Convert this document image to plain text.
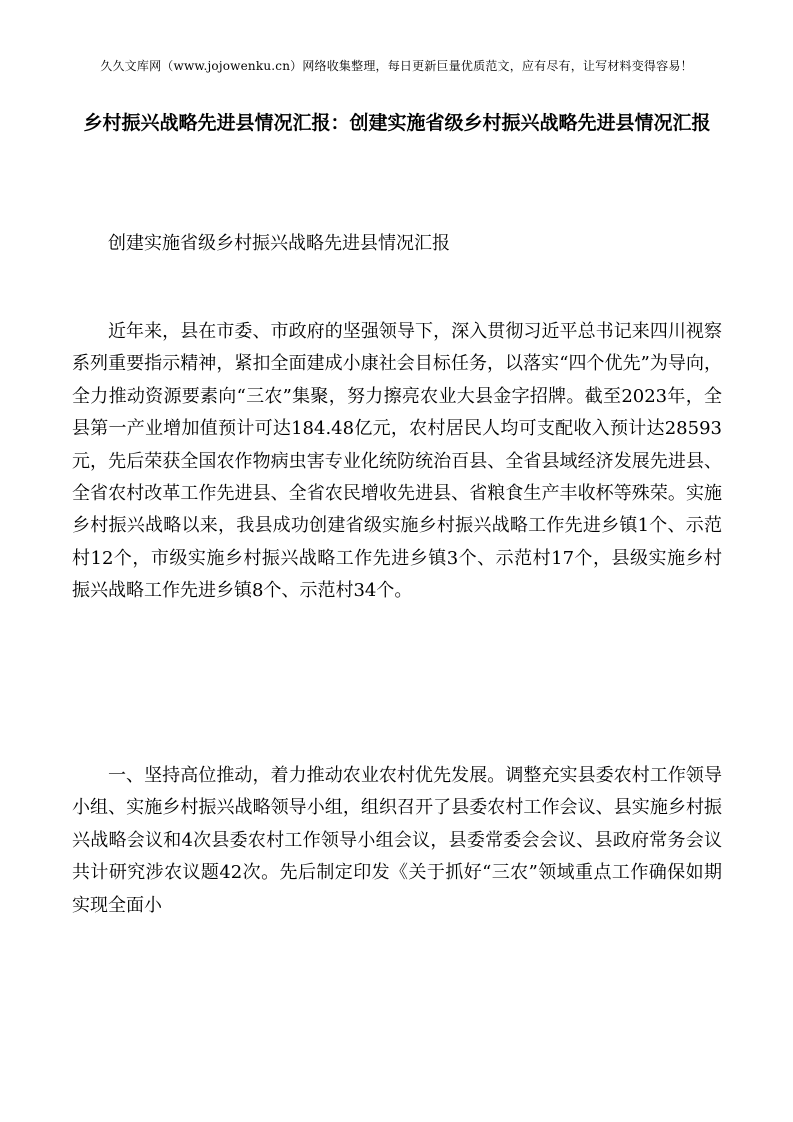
久久文库网（www.jojowenku.cn）网络收集整理，每日更新巨量优质范文，应有尽有，让写材料变得容易！
乡村振兴战略先进县情况汇报：创建实施省级乡村振兴战略先进县情况汇报

创建实施省级乡村振兴战略先进县情况汇报

近年来，县在市委、市政府的坚强领导下，深入贯彻习近平总书记来四川视察系列重要指示精神，紧扣全面建成小康社会目标任务，以落实“四个优先”为导向，全力推动资源要素向“三农”集聚，努力擦亮农业大县金字招牌。截至2023年，全县第一产业增加值预计可达184.48亿元，农村居民人均可支配收入预计达28593元，先后荣获全国农作物病虫害专业化统防统治百县、全省县域经济发展先进县、全省农村改革工作先进县、全省农民增收先进县、省粮食生产丰收杯等殊荣。实施乡村振兴战略以来，我县成功创建省级实施乡村振兴战略工作先进乡镇1个、示范村12个，市级实施乡村振兴战略工作先进乡镇3个、示范村17个，县级实施乡村振兴战略工作先进乡镇8个、示范村34个。

一、坚持高位推动，着力推动农业农村优先发展。调整充实县委农村工作领导小组、实施乡村振兴战略领导小组，组织召开了县委农村工作会议、县实施乡村振兴战略会议和4次县委农村工作领导小组会议，县委常委会会议、县政府常务会议共计研究涉农议题42次。先后制定印发《关于抓好“三农”领域重点工作确保如期实现全面小
